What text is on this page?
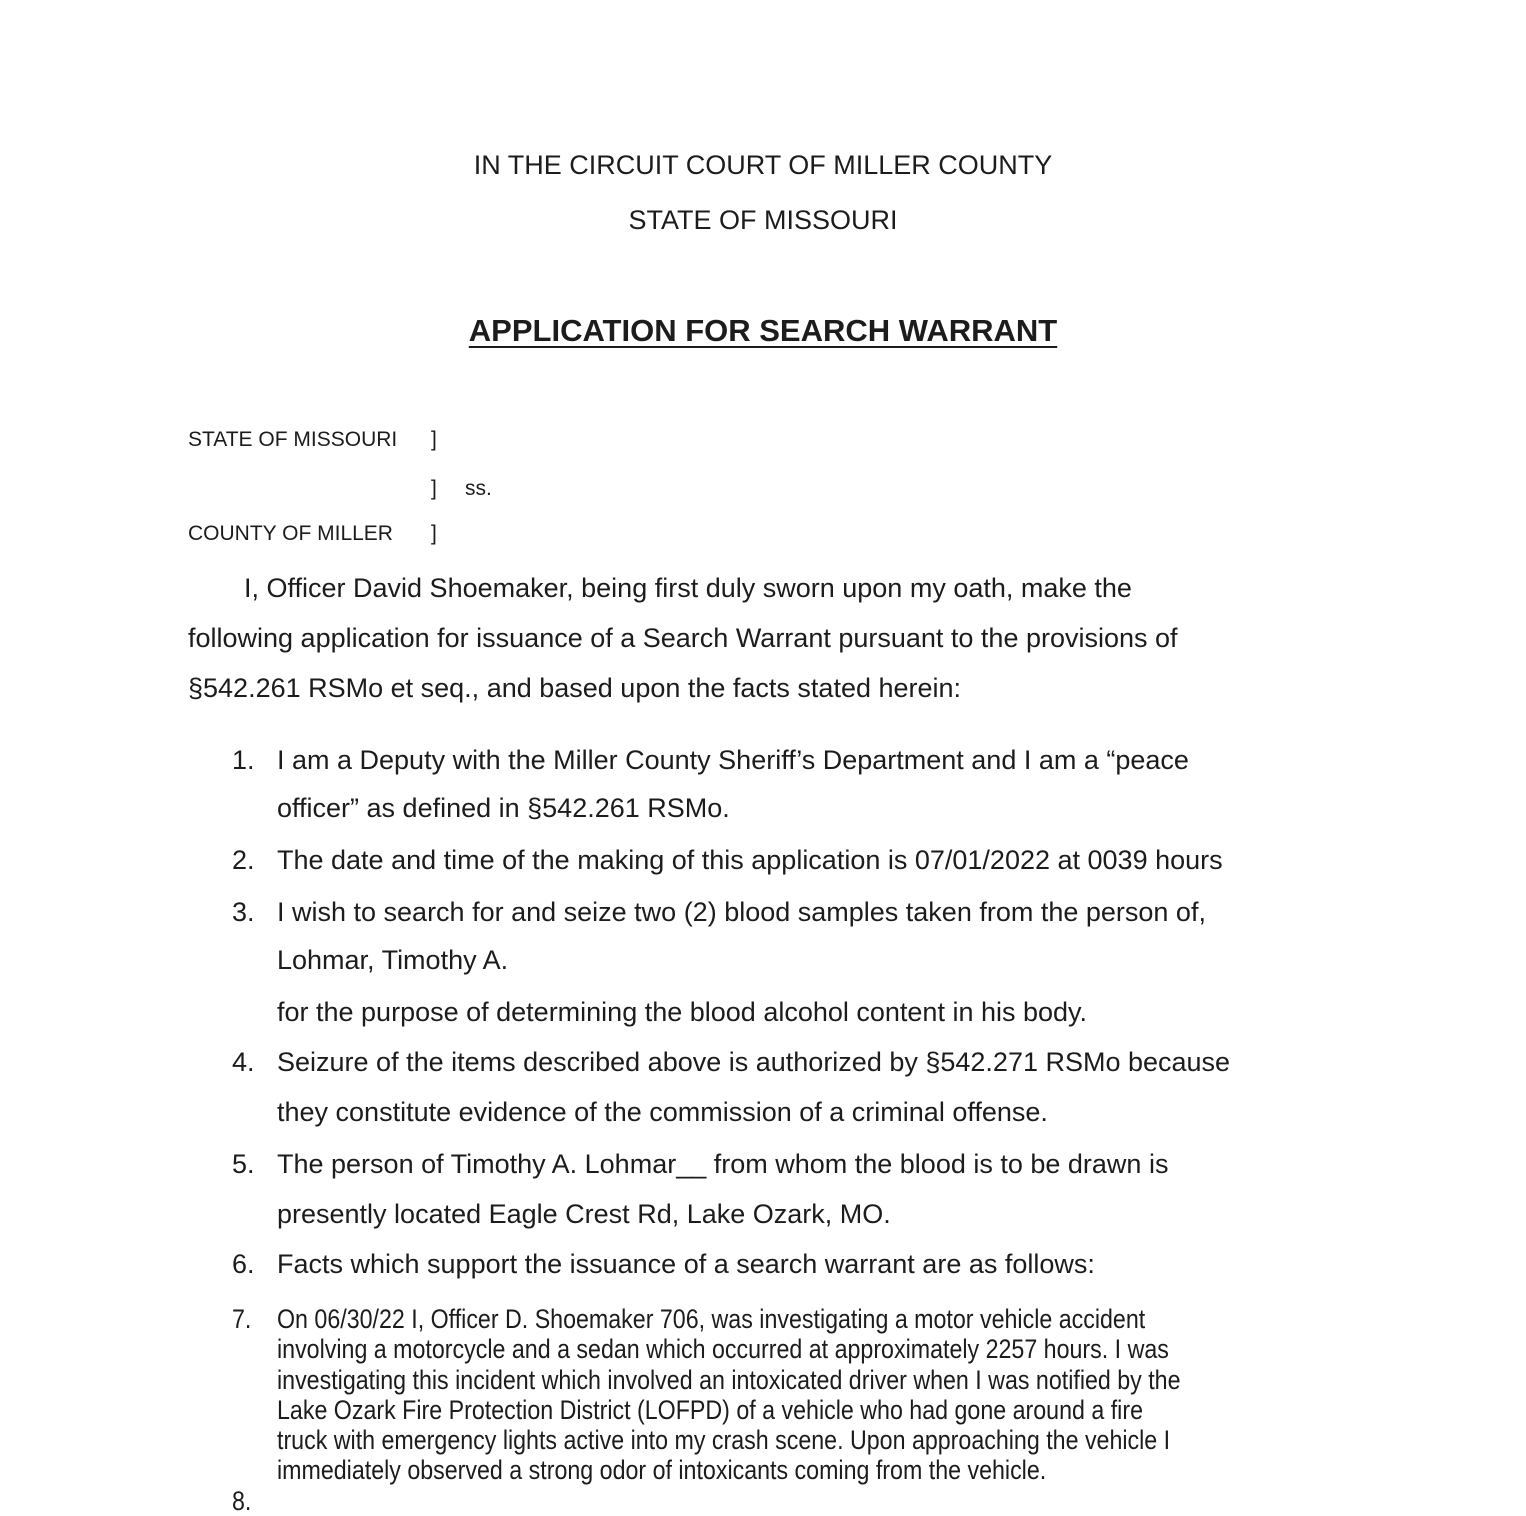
IN THE CIRCUIT COURT OF MILLER COUNTY
STATE OF MISSOURI
APPLICATION FOR SEARCH WARRANT
STATE OF MISSOURI ]
] ss.
COUNTY OF MILLER ]
I, Officer David Shoemaker, being first duly sworn upon my oath, make the
following application for issuance of a Search Warrant pursuant to the provisions of
§542.261 RSMo et seq., and based upon the facts stated herein:
1. I am a Deputy with the Miller County Sheriff’s Department and I am a “peace
officer” as defined in §542.261 RSMo.
2. The date and time of the making of this application is 07/01/2022 at 0039 hours
3. I wish to search for and seize two (2) blood samples taken from the person of,
Lohmar, Timothy A.
for the purpose of determining the blood alcohol content in his body.
4. Seizure of the items described above is authorized by §542.271 RSMo because
they constitute evidence of the commission of a criminal offense.
5. The person of Timothy A. Lohmar__ from whom the blood is to be drawn is
presently located Eagle Crest Rd, Lake Ozark, MO.
6. Facts which support the issuance of a search warrant are as follows:
7. On 06/30/22 I, Officer D. Shoemaker 706, was investigating a motor vehicle accident
involving a motorcycle and a sedan which occurred at approximately 2257 hours. I was
investigating this incident which involved an intoxicated driver when I was notified by the
Lake Ozark Fire Protection District (LOFPD) of a vehicle who had gone around a fire
truck with emergency lights active into my crash scene. Upon approaching the vehicle I
immediately observed a strong odor of intoxicants coming from the vehicle.
8.
